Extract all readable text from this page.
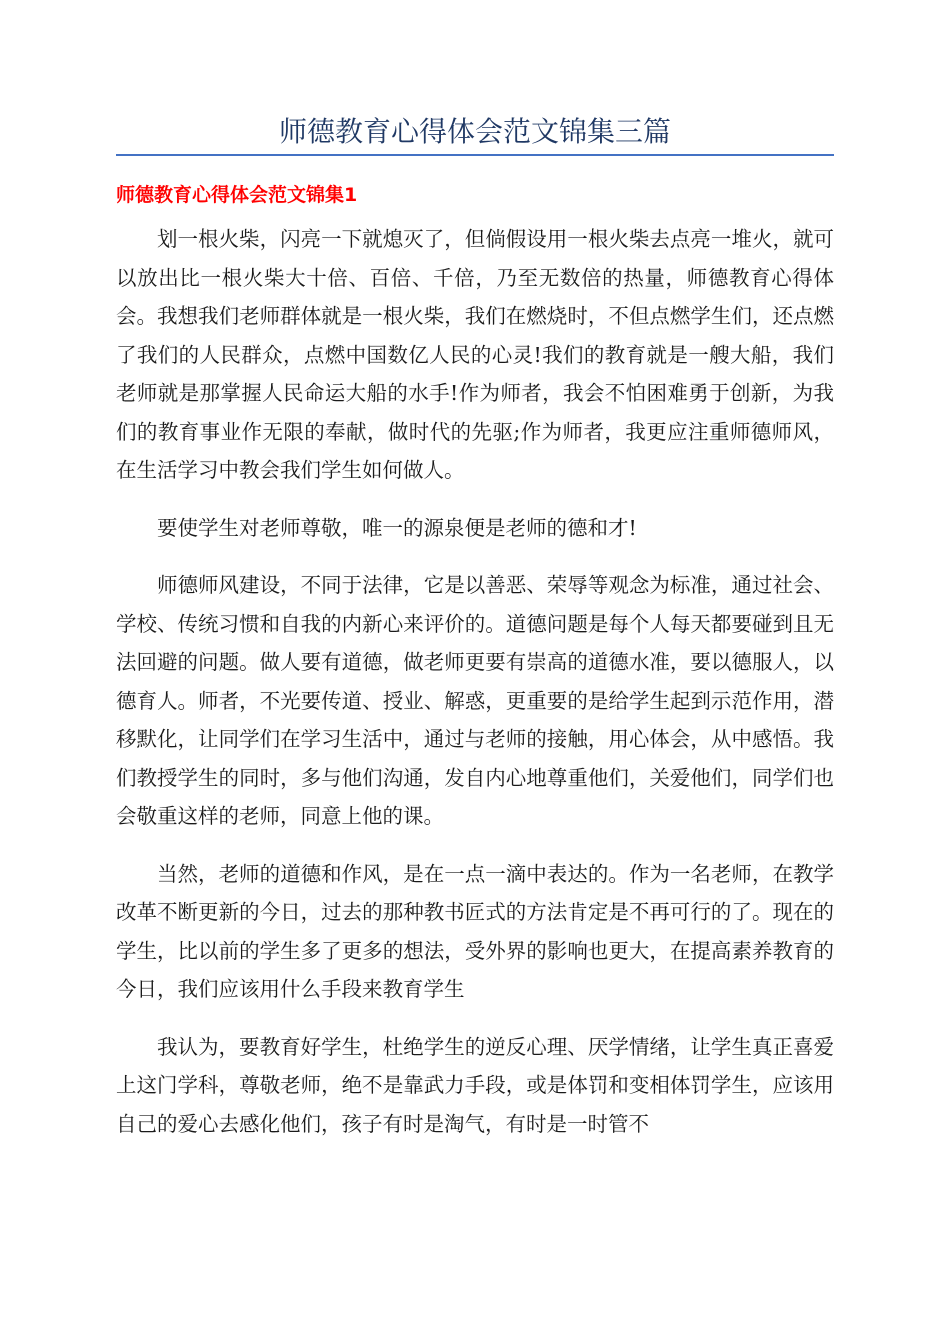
师德教育心得体会范文锦集三篇
师德教育心得体会范文锦集1

划一根火柴，闪亮一下就熄灭了，但倘假设用一根火柴去点亮一堆火，就可以放出比一根火柴大十倍、百倍、千倍，乃至无数倍的热量，师德教育心得体会。我想我们老师群体就是一根火柴，我们在燃烧时，不但点燃学生们，还点燃了我们的人民群众，点燃中国数亿人民的心灵!我们的教育就是一艘大船，我们老师就是那掌握人民命运大船的水手!作为师者，我会不怕困难勇于创新，为我们的教育事业作无限的奉献，做时代的先驱;作为师者，我更应注重师德师风，在生活学习中教会我们学生如何做人。

要使学生对老师尊敬，唯一的源泉便是老师的德和才!

师德师风建设，不同于法律，它是以善恶、荣辱等观念为标准，通过社会、学校、传统习惯和自我的内新心来评价的。道德问题是每个人每天都要碰到且无法回避的问题。做人要有道德，做老师更要有崇高的道德水准，要以德服人，以德育人。师者，不光要传道、授业、解惑，更重要的是给学生起到示范作用，潜移默化，让同学们在学习生活中，通过与老师的接触，用心体会，从中感悟。我们教授学生的同时，多与他们沟通，发自内心地尊重他们，关爱他们，同学们也会敬重这样的老师，同意上他的课。

当然，老师的道德和作风，是在一点一滴中表达的。作为一名老师，在教学改革不断更新的今日，过去的那种教书匠式的方法肯定是不再可行的了。现在的学生，比以前的学生多了更多的想法，受外界的影响也更大，在提高素养教育的今日，我们应该用什么手段来教育学生

我认为，要教育好学生，杜绝学生的逆反心理、厌学情绪，让学生真正喜爱上这门学科，尊敬老师，绝不是靠武力手段，或是体罚和变相体罚学生，应该用自己的爱心去感化他们，孩子有时是淘气，有时是一时管不
